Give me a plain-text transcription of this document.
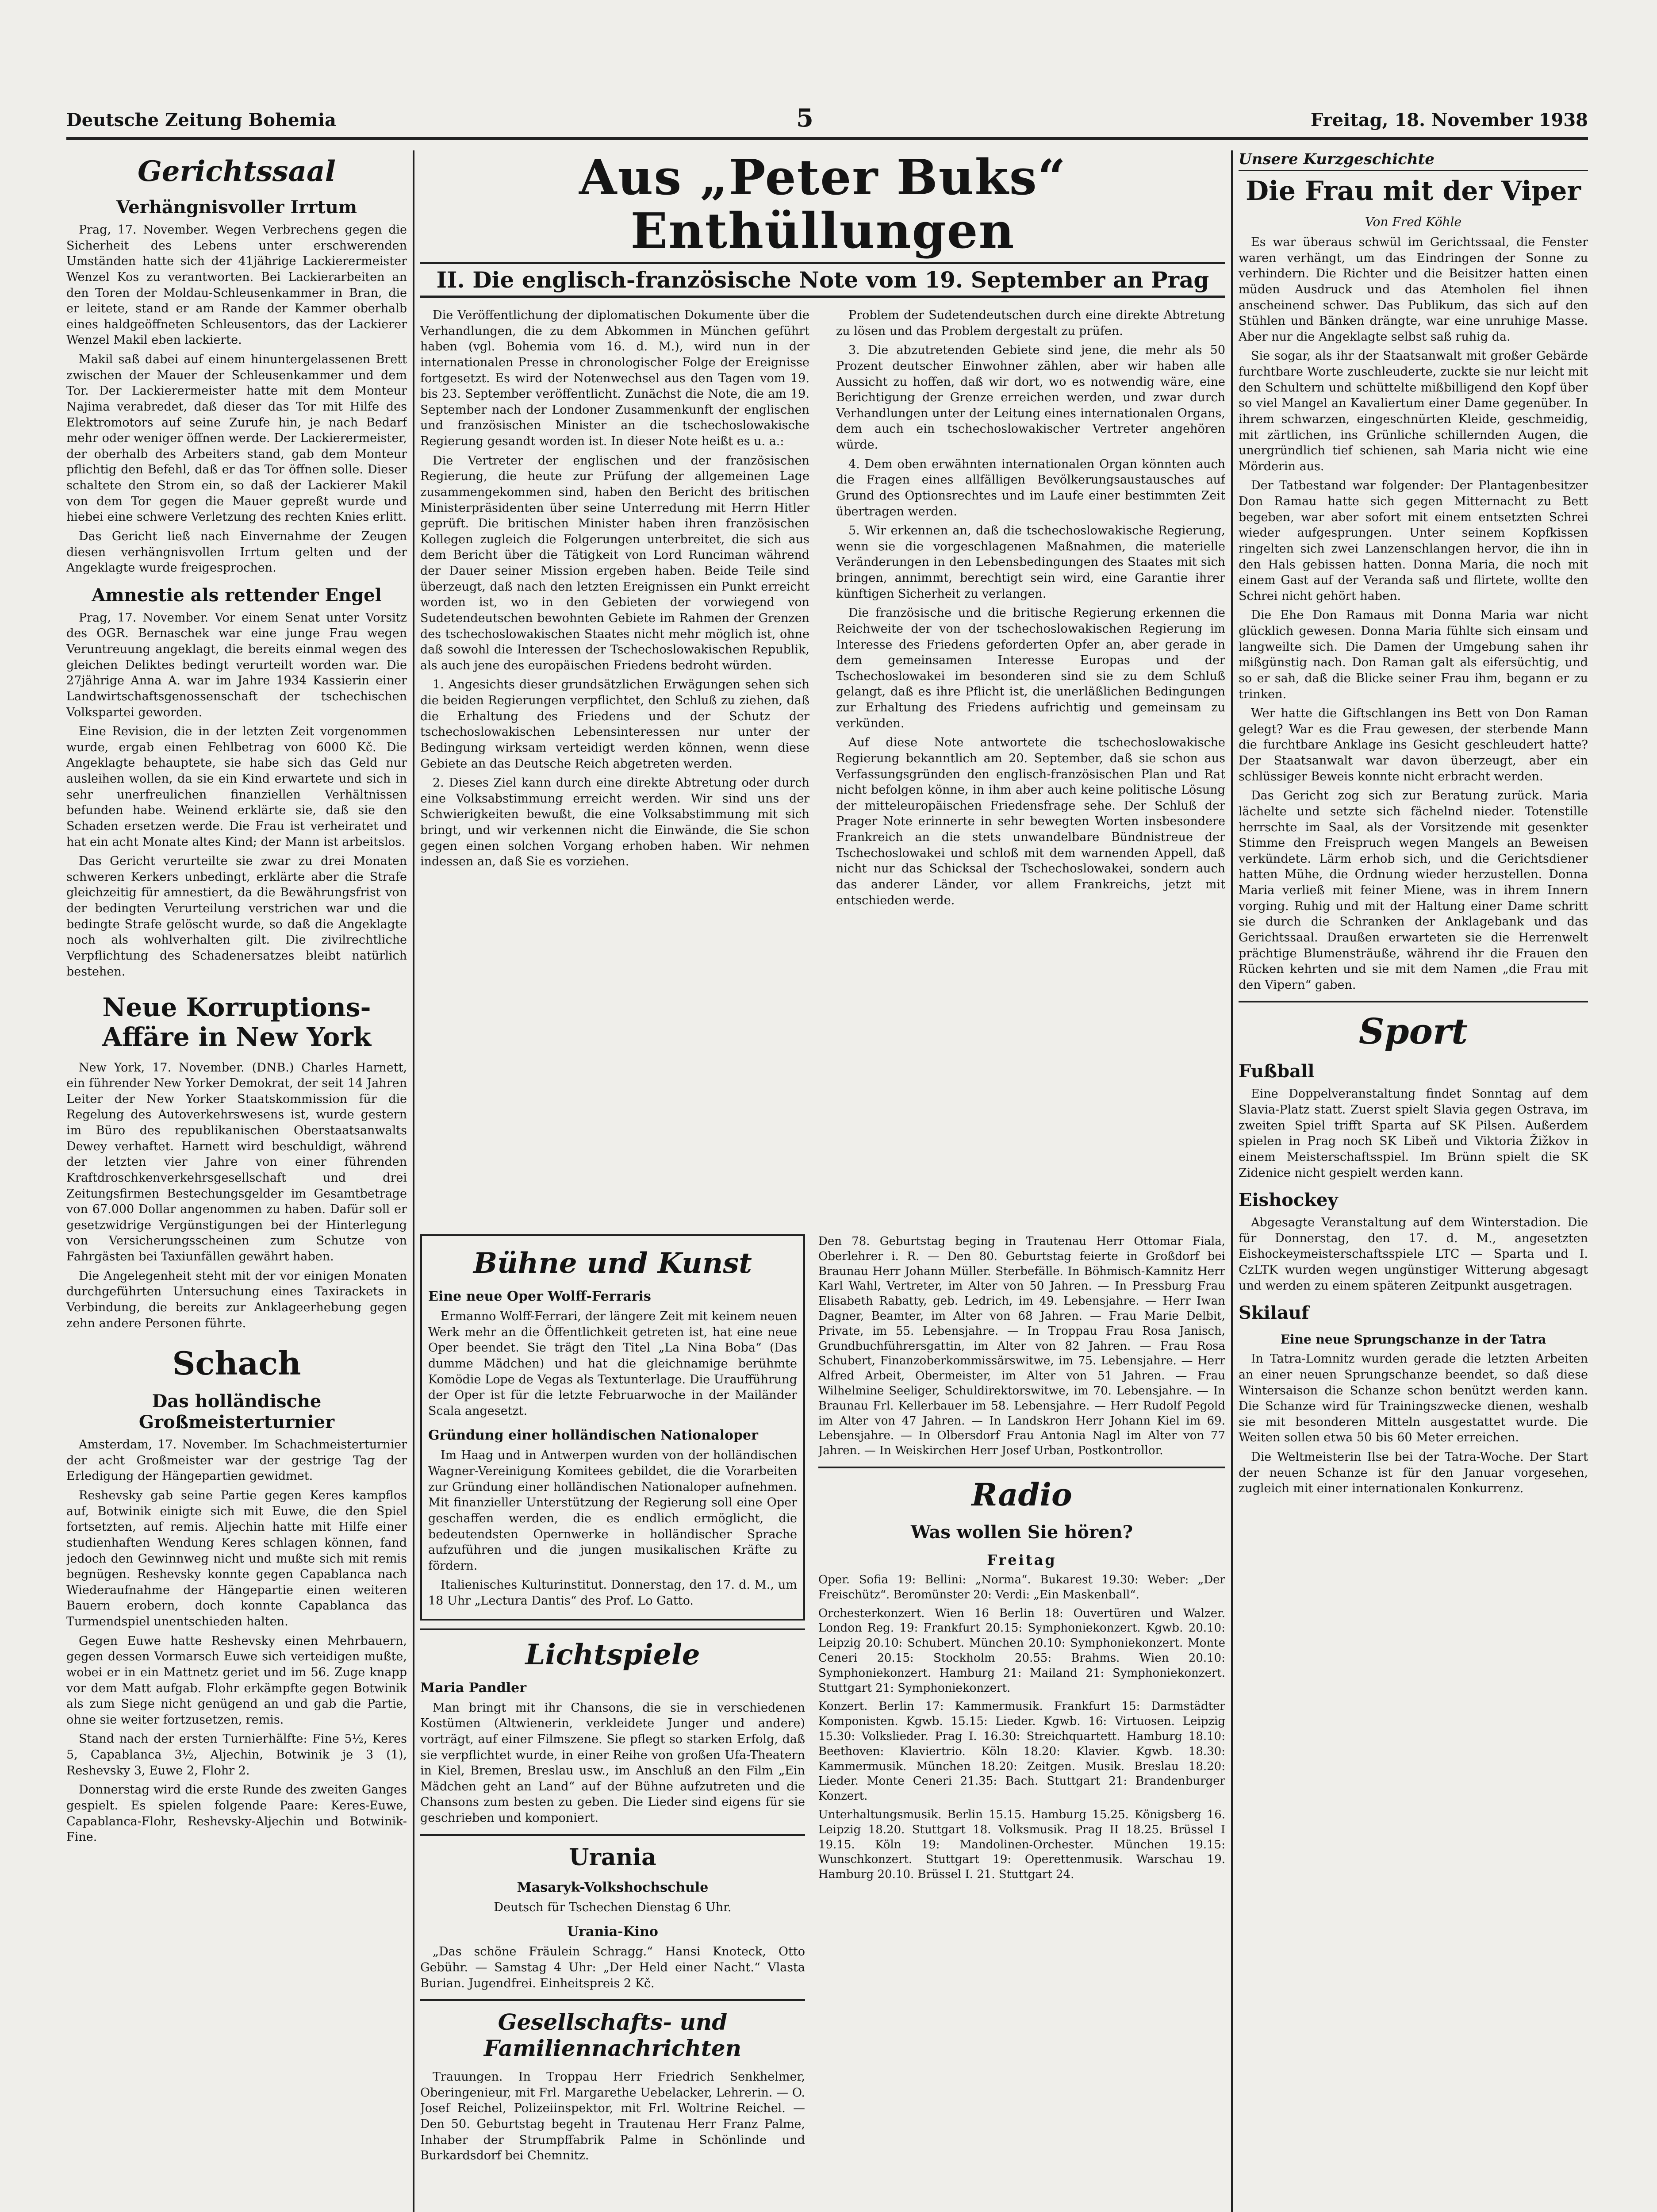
Deutsche Zeitung Bohemia	5	Freitag, 18. November 1938
Gerichtssaal
Verhängnisvoller Irrtum

Prag, 17. November. Wegen Verbrechens gegen die Sicherheit des Lebens unter erschwerenden Umständen hatte sich der 41jährige Lackierermeister Wenzel Kos zu verantworten. Bei Lackierarbeiten an den Toren der Moldau-Schleusenkammer in Bran, die er leitete, stand er am Rande der Kammer oberhalb eines haldgeöffneten Schleusentors, das der Lackierer Wenzel Makil eben lackierte.

Makil saß dabei auf einem hinuntergelassenen Brett zwischen der Mauer der Schleusenkammer und dem Tor. Der Lackierermeister hatte mit dem Monteur Najima verabredet, daß dieser das Tor mit Hilfe des Elektromotors auf seine Zurufe hin, je nach Bedarf mehr oder weniger öffnen werde. Der Lackierermeister, der oberhalb des Arbeiters stand, gab dem Monteur pflichtig den Befehl, daß er das Tor öffnen solle. Dieser schaltete den Strom ein, so daß der Lackierer Makil von dem Tor gegen die Mauer gepreßt wurde und hiebei eine schwere Verletzung des rechten Knies erlitt.

Das Gericht ließ nach Einvernahme der Zeugen diesen verhängnisvollen Irrtum gelten und der Angeklagte wurde freigesprochen.

Amnestie als rettender Engel

Prag, 17. November. Vor einem Senat unter Vorsitz des OGR. Bernaschek war eine junge Frau wegen Veruntreuung angeklagt, die bereits einmal wegen des gleichen Deliktes bedingt verurteilt worden war. Die 27jährige Anna A. war im Jahre 1934 Kassierin einer Landwirtschaftsgenossenschaft der tschechischen Volkspartei geworden.

Eine Revision, die in der letzten Zeit vorgenommen wurde, ergab einen Fehlbetrag von 6000 Kč. Die Angeklagte behauptete, sie habe sich das Geld nur ausleihen wollen, da sie ein Kind erwartete und sich in sehr unerfreulichen finanziellen Verhältnissen befunden habe. Weinend erklärte sie, daß sie den Schaden ersetzen werde. Die Frau ist verheiratet und hat ein acht Monate altes Kind; der Mann ist arbeitslos.

Das Gericht verurteilte sie zwar zu drei Monaten schweren Kerkers unbedingt, erklärte aber die Strafe gleichzeitig für amnestiert, da die Bewährungsfrist von der bedingten Verurteilung verstrichen war und die bedingte Strafe gelöscht wurde, so daß die Angeklagte noch als wohlverhalten gilt. Die zivilrechtliche Verpflichtung des Schadenersatzes bleibt natürlich bestehen.

Neue Korruptions-Affäre in New York

New York, 17. November. (DNB.) Charles Harnett, ein führender New Yorker Demokrat, der seit 14 Jahren Leiter der New Yorker Staatskommission für die Regelung des Autoverkehrswesens ist, wurde gestern im Büro des republikanischen Oberstaatsanwalts Dewey verhaftet. Harnett wird beschuldigt, während der letzten vier Jahre von einer führenden Kraftdroschkenverkehrsgesellschaft und drei Zeitungsfirmen Bestechungsgelder im Gesamtbetrage von 67.000 Dollar angenommen zu haben. Dafür soll er gesetzwidrige Vergünstigungen bei der Hinterlegung von Versicherungsscheinen zum Schutze von Fahrgästen bei Taxiunfällen gewährt haben.

Die Angelegenheit steht mit der vor einigen Monaten durchgeführten Untersuchung eines Taxirackets in Verbindung, die bereits zur Anklageerhebung gegen zehn andere Personen führte.

Schach
Das holländische Großmeisterturnier

Amsterdam, 17. November. Im Schachmeisterturnier der acht Großmeister war der gestrige Tag der Erledigung der Hängepartien gewidmet.

Reshevsky gab seine Partie gegen Keres kampflos auf, Botwinik einigte sich mit Euwe, die den Spiel fortsetzten, auf remis. Aljechin hatte mit Hilfe einer studienhaften Wendung Keres schlagen können, fand jedoch den Gewinnweg nicht und mußte sich mit remis begnügen. Reshevsky konnte gegen Capablanca nach Wiederaufnahme der Hängepartie einen weiteren Bauern erobern, doch konnte Capablanca das Turmendspiel unentschieden halten.

Gegen Euwe hatte Reshevsky einen Mehrbauern, gegen dessen Vormarsch Euwe sich verteidigen mußte, wobei er in ein Mattnetz geriet und im 56. Zuge knapp vor dem Matt aufgab. Flohr erkämpfte gegen Botwinik als zum Siege nicht genügend an und gab die Partie, ohne sie weiter fortzusetzen, remis.

Stand nach der ersten Turnierhälfte: Fine 5½, Keres 5, Capablanca 3½, Aljechin, Botwinik je 3 (1), Reshevsky 3, Euwe 2, Flohr 2.

Donnerstag wird die erste Runde des zweiten Ganges gespielt. Es spielen folgende Paare: Keres-Euwe, Capablanca-Flohr, Reshevsky-Aljechin und Botwinik-Fine.

Aus „Peter Buks“ Enthüllungen
II. Die englisch-französische Note vom 19. September an Prag

Die Veröffentlichung der diplomatischen Dokumente über die Verhandlungen, die zu dem Abkommen in München geführt haben (vgl. Bohemia vom 16. d. M.), wird nun in der internationalen Presse in chronologischer Folge der Ereignisse fortgesetzt. Es wird der Notenwechsel aus den Tagen vom 19. bis 23. September veröffentlicht. Zunächst die Note, die am 19. September nach der Londoner Zusammenkunft der englischen und französischen Minister an die tschechoslowakische Regierung gesandt worden ist. In dieser Note heißt es u. a.:

Die Vertreter der englischen und der französischen Regierung, die heute zur Prüfung der allgemeinen Lage zusammengekommen sind, haben den Bericht des britischen Ministerpräsidenten über seine Unterredung mit Herrn Hitler geprüft. Die britischen Minister haben ihren französischen Kollegen zugleich die Folgerungen unterbreitet, die sich aus dem Bericht über die Tätigkeit von Lord Runciman während der Dauer seiner Mission ergeben haben. Beide Teile sind überzeugt, daß nach den letzten Ereignissen ein Punkt erreicht worden ist, wo in den Gebieten der vorwiegend von Sudetendeutschen bewohnten Gebiete im Rahmen der Grenzen des tschechoslowakischen Staates nicht mehr möglich ist, ohne daß sowohl die Interessen der Tschechoslowakischen Republik, als auch jene des europäischen Friedens bedroht würden.

1. Angesichts dieser grundsätzlichen Erwägungen sehen sich die beiden Regierungen verpflichtet, den Schluß zu ziehen, daß die Erhaltung des Friedens und der Schutz der tschechoslowakischen Lebensinteressen nur unter der Bedingung wirksam verteidigt werden können, wenn diese Gebiete an das Deutsche Reich abgetreten werden.

2. Dieses Ziel kann durch eine direkte Abtretung oder durch eine Volksabstimmung erreicht werden. Wir sind uns der Schwierigkeiten bewußt, die eine Volksabstimmung mit sich bringt, und wir verkennen nicht die Einwände, die Sie schon gegen einen solchen Vorgang erhoben haben. Wir nehmen indessen an, daß Sie es vorziehen.

Problem der Sudetendeutschen durch eine direkte Abtretung zu lösen und das Problem dergestalt zu prüfen.

3. Die abzutretenden Gebiete sind jene, die mehr als 50 Prozent deutscher Einwohner zählen, aber wir haben alle Aussicht zu hoffen, daß wir dort, wo es notwendig wäre, eine Berichtigung der Grenze erreichen werden, und zwar durch Verhandlungen unter der Leitung eines internationalen Organs, dem auch ein tschechoslowakischer Vertreter angehören würde.

4. Dem oben erwähnten internationalen Organ könnten auch die Fragen eines allfälligen Bevölkerungsaustausches auf Grund des Optionsrechtes und im Laufe einer bestimmten Zeit übertragen werden.

5. Wir erkennen an, daß die tschechoslowakische Regierung, wenn sie die vorgeschlagenen Maßnahmen, die materielle Veränderungen in den Lebensbedingungen des Staates mit sich bringen, annimmt, berechtigt sein wird, eine Garantie ihrer künftigen Sicherheit zu verlangen.

Die französische und die britische Regierung erkennen die Reichweite der von der tschechoslowakischen Regierung im Interesse des Friedens geforderten Opfer an, aber gerade in dem gemeinsamen Interesse Europas und der Tschechoslowakei im besonderen sind sie zu dem Schluß gelangt, daß es ihre Pflicht ist, die unerläßlichen Bedingungen zur Erhaltung des Friedens aufrichtig und gemeinsam zu verkünden.

Auf diese Note antwortete die tschechoslowakische Regierung bekanntlich am 20. September, daß sie schon aus Verfassungsgründen den englisch-französischen Plan und Rat nicht befolgen könne, in ihm aber auch keine politische Lösung der mitteleuropäischen Friedensfrage sehe. Der Schluß der Prager Note erinnerte in sehr bewegten Worten insbesondere Frankreich an die stets unwandelbare Bündnistreue der Tschechoslowakei und schloß mit dem warnenden Appell, daß nicht nur das Schicksal der Tschechoslowakei, sondern auch das anderer Länder, vor allem Frankreichs, jetzt mit entschieden werde.

Bühne und Kunst
Eine neue Oper Wolff-Ferraris

Ermanno Wolff-Ferrari, der längere Zeit mit keinem neuen Werk mehr an die Öffentlichkeit getreten ist, hat eine neue Oper beendet. Sie trägt den Titel „La Nina Boba“ (Das dumme Mädchen) und hat die gleichnamige berühmte Komödie Lope de Vegas als Textunterlage. Die Uraufführung der Oper ist für die letzte Februarwoche in der Mailänder Scala angesetzt.

Gründung einer holländischen Nationaloper

Im Haag und in Antwerpen wurden von der holländischen Wagner-Vereinigung Komitees gebildet, die die Vorarbeiten zur Gründung einer holländischen Nationaloper aufnehmen. Mit finanzieller Unterstützung der Regierung soll eine Oper geschaffen werden, die es endlich ermöglicht, die bedeutendsten Opernwerke in holländischer Sprache aufzuführen und die jungen musikalischen Kräfte zu fördern.

Italienisches Kulturinstitut. Donnerstag, den 17. d. M., um 18 Uhr „Lectura Dantis“ des Prof. Lo Gatto.

Lichtspiele
Maria Pandler

Man bringt mit ihr Chansons, die sie in verschiedenen Kostümen (Altwienerin, verkleidete Junger und andere) vorträgt, auf einer Filmszene. Sie pflegt so starken Erfolg, daß sie verpflichtet wurde, in einer Reihe von großen Ufa-Theatern in Kiel, Bremen, Breslau usw., im Anschluß an den Film „Ein Mädchen geht an Land“ auf der Bühne aufzutreten und die Chansons zum besten zu geben. Die Lieder sind eigens für sie geschrieben und komponiert.

Urania
Masaryk-Volkshochschule

Deutsch für Tschechen Dienstag 6 Uhr.

Urania-Kino

„Das schöne Fräulein Schragg.“ Hansi Knoteck, Otto Gebühr. — Samstag 4 Uhr: „Der Held einer Nacht.“ Vlasta Burian. Jugendfrei. Einheitspreis 2 Kč.

Gesellschafts- und Familiennachrichten

Trauungen. In Troppau Herr Friedrich Senkhelmer, Oberingenieur, mit Frl. Margarethe Uebelacker, Lehrerin. — O. Josef Reichel, Polizeiinspektor, mit Frl. Woltrine Reichel. — Den 50. Geburtstag begeht in Trautenau Herr Franz Palme, Inhaber der Strumpffabrik Palme in Schönlinde und Burkardsdorf bei Chemnitz.

Den 78. Geburtstag beging in Trautenau Herr Ottomar Fiala, Oberlehrer i. R. — Den 80. Geburtstag feierte in Großdorf bei Braunau Herr Johann Müller. Sterbefälle. In Böhmisch-Kamnitz Herr Karl Wahl, Vertreter, im Alter von 50 Jahren. — In Pressburg Frau Elisabeth Rabatty, geb. Ledrich, im 49. Lebensjahre. — Herr Iwan Dagner, Beamter, im Alter von 68 Jahren. — Frau Marie Delbit, Private, im 55. Lebensjahre. — In Troppau Frau Rosa Janisch, Grundbuchführersgattin, im Alter von 82 Jahren. — Frau Rosa Schubert, Finanzoberkommissärswitwe, im 75. Lebensjahre. — Herr Alfred Arbeit, Obermeister, im Alter von 51 Jahren. — Frau Wilhelmine Seeliger, Schuldirektorswitwe, im 70. Lebensjahre. — In Braunau Frl. Kellerbauer im 58. Lebensjahre. — Herr Rudolf Pegold im Alter von 47 Jahren. — In Landskron Herr Johann Kiel im 69. Lebensjahre. — In Olbersdorf Frau Antonia Nagl im Alter von 77 Jahren. — In Weiskirchen Herr Josef Urban, Postkontrollor.

Radio
Was wollen Sie hören?
Freitag

Oper. Sofia 19: Bellini: „Norma“. Bukarest 19.30: Weber: „Der Freischütz“. Beromünster 20: Verdi: „Ein Maskenball“.

Orchesterkonzert. Wien 16 Berlin 18: Ouvertüren und Walzer. London Reg. 19: Frankfurt 20.15: Symphoniekonzert. Kgwb. 20.10: Leipzig 20.10: Schubert. München 20.10: Symphoniekonzert. Monte Ceneri 20.15: Stockholm 20.55: Brahms. Wien 20.10: Symphoniekonzert. Hamburg 21: Mailand 21: Symphoniekonzert. Stuttgart 21: Symphoniekonzert.

Konzert. Berlin 17: Kammermusik. Frankfurt 15: Darmstädter Komponisten. Kgwb. 15.15: Lieder. Kgwb. 16: Virtuosen. Leipzig 15.30: Volkslieder. Prag I. 16.30: Streichquartett. Hamburg 18.10: Beethoven: Klaviertrio. Köln 18.20: Klavier. Kgwb. 18.30: Kammermusik. München 18.20: Zeitgen. Musik. Breslau 18.20: Lieder. Monte Ceneri 21.35: Bach. Stuttgart 21: Brandenburger Konzert.

Unterhaltungsmusik. Berlin 15.15. Hamburg 15.25. Königsberg 16. Leipzig 18.20. Stuttgart 18. Volksmusik. Prag II 18.25. Brüssel I 19.15. Köln 19: Mandolinen-Orchester. München 19.15: Wunschkonzert. Stuttgart 19: Operettenmusik. Warschau 19. Hamburg 20.10. Brüssel I. 21. Stuttgart 24.

Unsere Kurzgeschichte
Die Frau mit der Viper
Von Fred Köhle

Es war überaus schwül im Gerichtssaal, die Fenster waren verhängt, um das Eindringen der Sonne zu verhindern. Die Richter und die Beisitzer hatten einen müden Ausdruck und das Atemholen fiel ihnen anscheinend schwer. Das Publikum, das sich auf den Stühlen und Bänken drängte, war eine unruhige Masse. Aber nur die Angeklagte selbst saß ruhig da.

Sie sogar, als ihr der Staatsanwalt mit großer Gebärde furchtbare Worte zuschleuderte, zuckte sie nur leicht mit den Schultern und schüttelte mißbilligend den Kopf über so viel Mangel an Kavaliertum einer Dame gegenüber. In ihrem schwarzen, eingeschnürten Kleide, geschmeidig, mit zärtlichen, ins Grünliche schillernden Augen, die unergründlich tief schienen, sah Maria nicht wie eine Mörderin aus.

Der Tatbestand war folgender: Der Plantagenbesitzer Don Ramau hatte sich gegen Mitternacht zu Bett begeben, war aber sofort mit einem entsetzten Schrei wieder aufgesprungen. Unter seinem Kopfkissen ringelten sich zwei Lanzenschlangen hervor, die ihn in den Hals gebissen hatten. Donna Maria, die noch mit einem Gast auf der Veranda saß und flirtete, wollte den Schrei nicht gehört haben.

Die Ehe Don Ramaus mit Donna Maria war nicht glücklich gewesen. Donna Maria fühlte sich einsam und langweilte sich. Die Damen der Umgebung sahen ihr mißgünstig nach. Don Raman galt als eifersüchtig, und so er sah, daß die Blicke seiner Frau ihm, begann er zu trinken.

Wer hatte die Giftschlangen ins Bett von Don Raman gelegt? War es die Frau gewesen, der sterbende Mann die furchtbare Anklage ins Gesicht geschleudert hatte? Der Staatsanwalt war davon überzeugt, aber ein schlüssiger Beweis konnte nicht erbracht werden.

Das Gericht zog sich zur Beratung zurück. Maria lächelte und setzte sich fächelnd nieder. Totenstille herrschte im Saal, als der Vorsitzende mit gesenkter Stimme den Freispruch wegen Mangels an Beweisen verkündete. Lärm erhob sich, und die Gerichtsdiener hatten Mühe, die Ordnung wieder herzustellen. Donna Maria verließ mit feiner Miene, was in ihrem Innern vorging. Ruhig und mit der Haltung einer Dame schritt sie durch die Schranken der Anklagebank und das Gerichtssaal. Draußen erwarteten sie die Herrenwelt prächtige Blumensträuße, während ihr die Frauen den Rücken kehrten und sie mit dem Namen „die Frau mit den Vipern“ gaben.

Sport
Fußball

Eine Doppelveranstaltung findet Sonntag auf dem Slavia-Platz statt. Zuerst spielt Slavia gegen Ostrava, im zweiten Spiel trifft Sparta auf SK Pilsen. Außerdem spielen in Prag noch SK Libeň und Viktoria Žižkov in einem Meisterschaftsspiel. Im Brünn spielt die SK Zidenice nicht gespielt werden kann.

Eishockey

Abgesagte Veranstaltung auf dem Winterstadion. Die für Donnerstag, den 17. d. M., angesetzten Eishockeymeisterschaftsspiele LTC — Sparta und I. CzLTK wurden wegen ungünstiger Witterung abgesagt und werden zu einem späteren Zeitpunkt ausgetragen.

Skilauf
Eine neue Sprungschanze in der Tatra

In Tatra-Lomnitz wurden gerade die letzten Arbeiten an einer neuen Sprungschanze beendet, so daß diese Wintersaison die Schanze schon benützt werden kann. Die Schanze wird für Trainingszwecke dienen, weshalb sie mit besonderen Mitteln ausgestattet wurde. Die Weiten sollen etwa 50 bis 60 Meter erreichen.

Die Weltmeisterin Ilse bei der Tatra-Woche. Der Start der neuen Schanze ist für den Januar vorgesehen, zugleich mit einer internationalen Konkurrenz.
